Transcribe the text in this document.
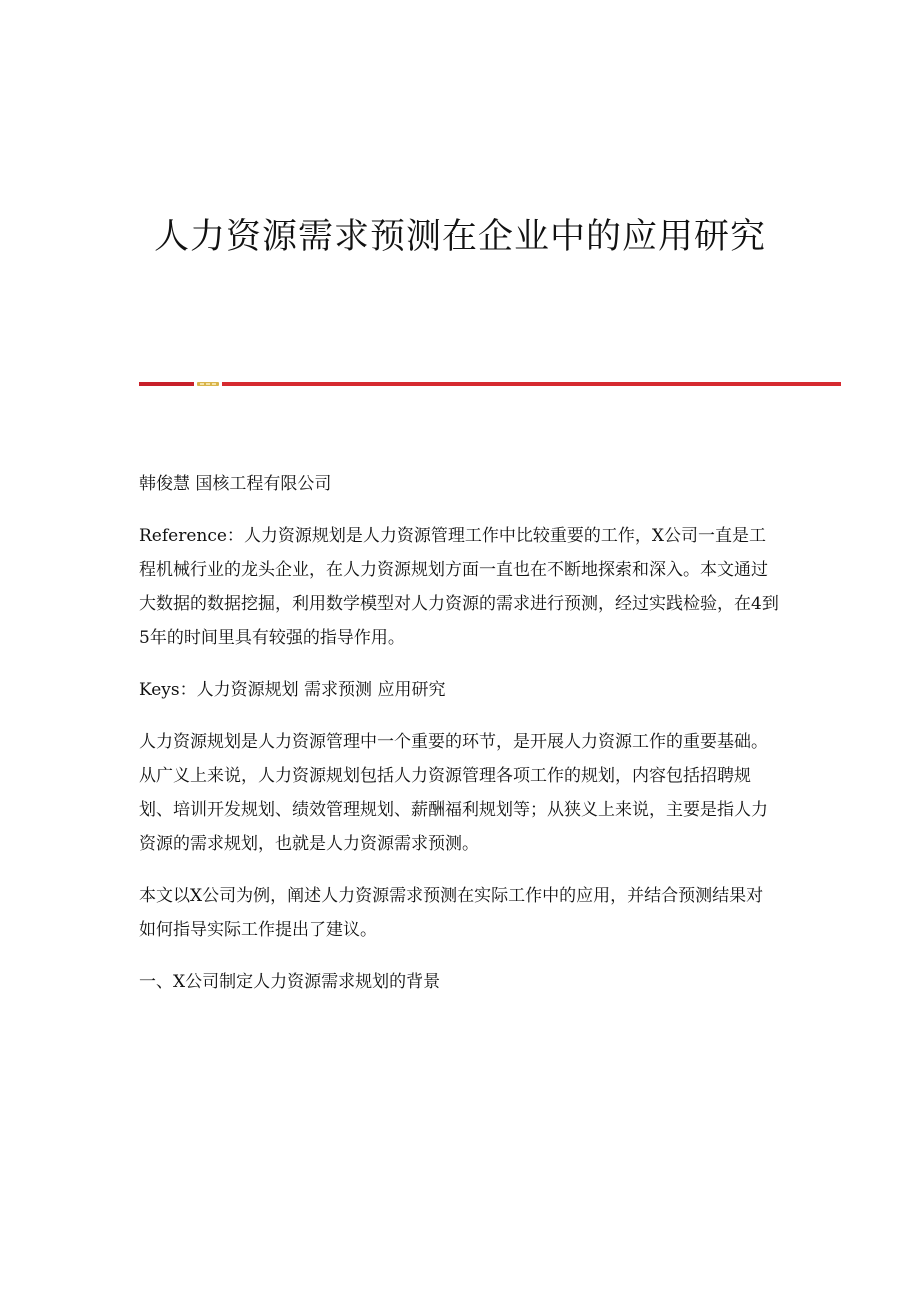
人力资源需求预测在企业中的应用研究

韩俊慧 国核工程有限公司

Reference：人力资源规划是人力资源管理工作中比较重要的工作，X公司一直是工程机械行业的龙头企业，在人力资源规划方面一直也在不断地探索和深入。本文通过大数据的数据挖掘，利用数学模型对人力资源的需求进行预测，经过实践检验，在4到5年的时间里具有较强的指导作用。

Keys：人力资源规划 需求预测 应用研究

人力资源规划是人力资源管理中一个重要的环节，是开展人力资源工作的重要基础。从广义上来说，人力资源规划包括人力资源管理各项工作的规划，内容包括招聘规划、培训开发规划、绩效管理规划、薪酬福利规划等；从狭义上来说，主要是指人力资源的需求规划，也就是人力资源需求预测。

本文以X公司为例，阐述人力资源需求预测在实际工作中的应用，并结合预测结果对如何指导实际工作提出了建议。

一、X公司制定人力资源需求规划的背景
